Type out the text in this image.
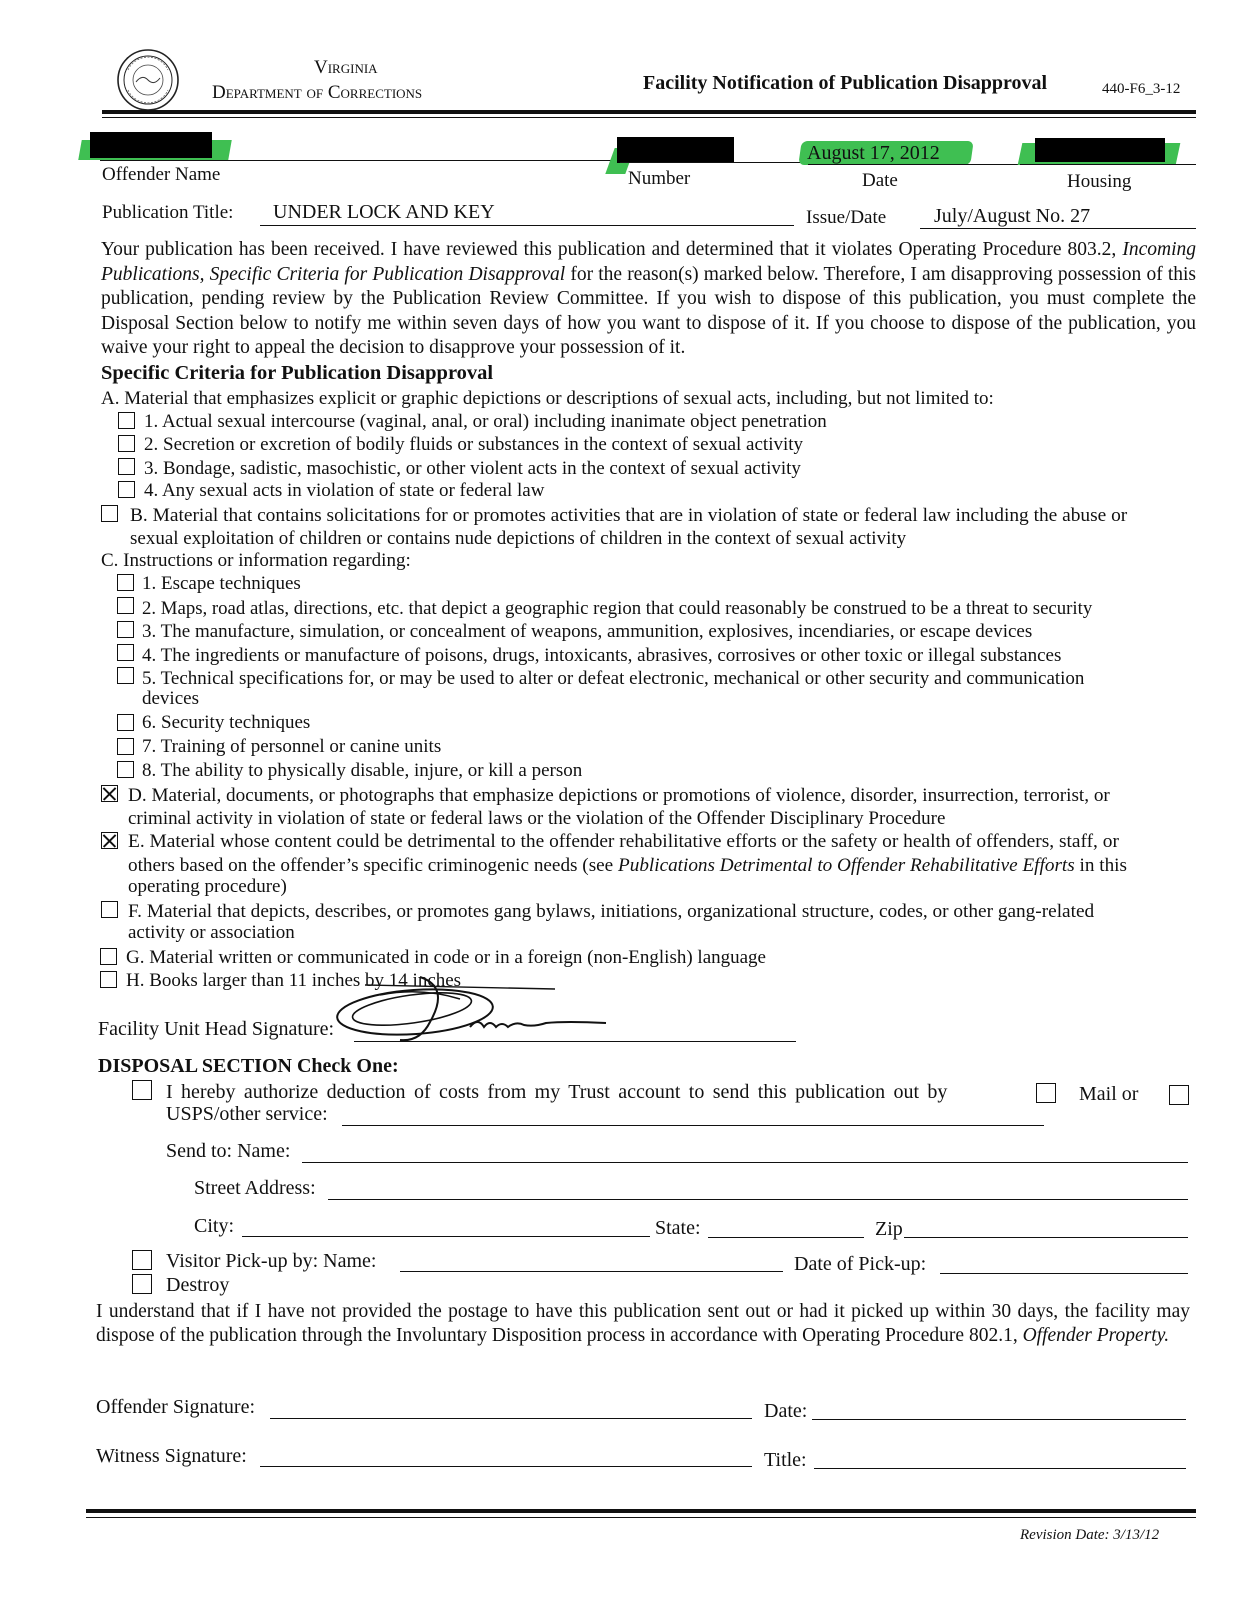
Virginia
Department of Corrections	Facility Notification of Publication Disapproval	440-F6_3-12
Offender Name	Number
August 17, 2012
Date	Housing
Publication Title: UNDER LOCK AND KEY	Issue/Date July/August No. 27
Your publication has been received. I have reviewed this publication and determined that it violates Operating Procedure 803.2, Incoming Publications, Specific Criteria for Publication Disapproval for the reason(s) marked below. Therefore, I am disapproving possession of this publication, pending review by the Publication Review Committee. If you wish to dispose of this publication, you must complete the Disposal Section below to notify me within seven days of how you want to dispose of it. If you choose to dispose of the publication, you waive your right to appeal the decision to disapprove your possession of it.
Specific Criteria for Publication Disapproval
A. Material that emphasizes explicit or graphic depictions or descriptions of sexual acts, including, but not limited to:
1. Actual sexual intercourse (vaginal, anal, or oral) including inanimate object penetration
2. Secretion or excretion of bodily fluids or substances in the context of sexual activity
3. Bondage, sadistic, masochistic, or other violent acts in the context of sexual activity
4. Any sexual acts in violation of state or federal law
B. Material that contains solicitations for or promotes activities that are in violation of state or federal law including the abuse or
sexual exploitation of children or contains nude depictions of children in the context of sexual activity
C. Instructions or information regarding:
1. Escape techniques
2. Maps, road atlas, directions, etc. that depict a geographic region that could reasonably be construed to be a threat to security
3. The manufacture, simulation, or concealment of weapons, ammunition, explosives, incendiaries, or escape devices
4. The ingredients or manufacture of poisons, drugs, intoxicants, abrasives, corrosives or other toxic or illegal substances
5. Technical specifications for, or may be used to alter or defeat electronic, mechanical or other security and communication
devices
6. Security techniques
7. Training of personnel or canine units
8. The ability to physically disable, injure, or kill a person
D. Material, documents, or photographs that emphasize depictions or promotions of violence, disorder, insurrection, terrorist, or
criminal activity in violation of state or federal laws or the violation of the Offender Disciplinary Procedure
E. Material whose content could be detrimental to the offender rehabilitative efforts or the safety or health of offenders, staff, or
others based on the offender’s specific criminogenic needs (see Publications Detrimental to Offender Rehabilitative Efforts in this
operating procedure)
F. Material that depicts, describes, or promotes gang bylaws, initiations, organizational structure, codes, or other gang-related
activity or association
G. Material written or communicated in code or in a foreign (non-English) language
H. Books larger than 11 inches by 14 inches
Facility Unit Head Signature:
DISPOSAL SECTION Check One:
I hereby authorize deduction of costs from my Trust account to send this publication out by	Mail or
USPS/other service:
Send to: Name:
Street Address:
City:	State:	Zip
Visitor Pick-up by: Name:	Date of Pick-up:
Destroy
I understand that if I have not provided the postage to have this publication sent out or had it picked up within 30 days, the facility may dispose of the publication through the Involuntary Disposition process in accordance with Operating Procedure 802.1, Offender Property.
Offender Signature:	Date:
Witness Signature:	Title:
Revision Date: 3/13/12
